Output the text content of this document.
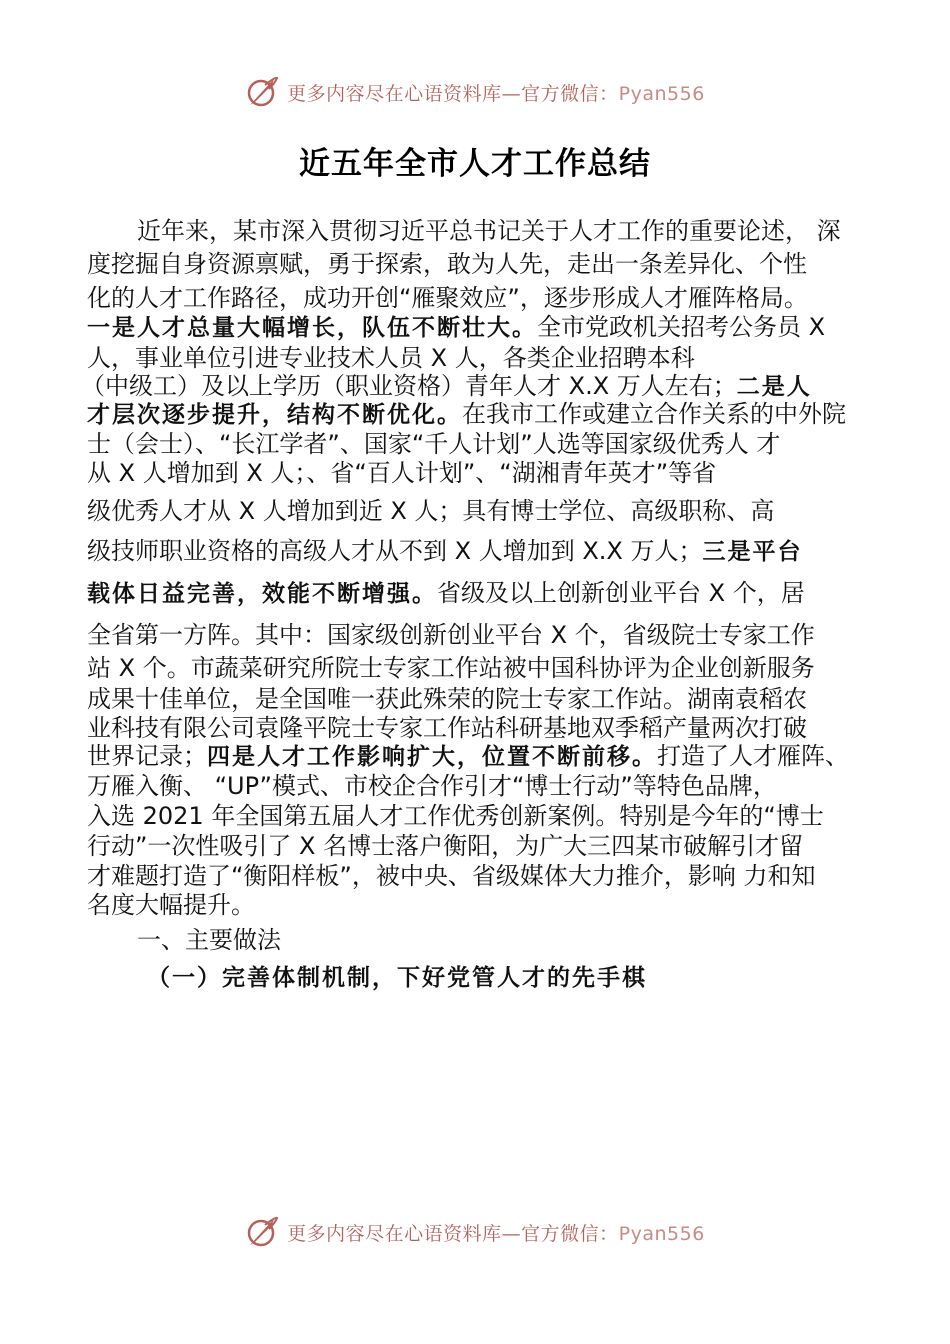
更多内容尽在心语资料库—官方微信：Pyan556
近五年全市人才工作总结
近年来，某市深入贯彻习近平总书记关于人才工作的重要论述， 深
度挖掘自身资源禀赋，勇于探索，敢为人先，走出一条差异化、个性
化的人才工作路径，成功开创“雁聚效应”，逐步形成人才雁阵格局。
一是人才总量大幅增长，队伍不断壮大。全市党政机关招考公务员 X
人，事业单位引进专业技术人员 X 人，各类企业招聘本科
（中级工）及以上学历（职业资格）青年人才 X.X 万人左右；二是人
才层次逐步提升，结构不断优化。在我市工作或建立合作关系的中外院
士（会士）、“长江学者”、国家“千人计划”人选等国家级优秀人 才
从 X 人增加到 X 人；、省“百人计划”、“湖湘青年英才”等省
级优秀人才从 X 人增加到近 X 人；具有博士学位、高级职称、高
级技师职业资格的高级人才从不到 X 人增加到 X.X 万人；三是平台
载体日益完善，效能不断增强。省级及以上创新创业平台 X 个，居
全省第一方阵。其中：国家级创新创业平台 X 个，省级院士专家工作
站 X 个。市蔬菜研究所院士专家工作站被中国科协评为企业创新服务
成果十佳单位，是全国唯一获此殊荣的院士专家工作站。湖南袁稻农
业科技有限公司袁隆平院士专家工作站科研基地双季稻产量两次打破
世界记录；四是人才工作影响扩大，位置不断前移。打造了人才雁阵、
万雁入衡、 “UP”模式、市校企合作引才“博士行动”等特色品牌，
入选 2021 年全国第五届人才工作优秀创新案例。特别是今年的“博士
行动”一次性吸引了 X 名博士落户衡阳，为广大三四某市破解引才留
才难题打造了“衡阳样板”，被中央、省级媒体大力推介，影响 力和知
名度大幅提升。
一、主要做法
（一）完善体制机制，下好党管人才的先手棋
更多内容尽在心语资料库—官方微信：Pyan556
